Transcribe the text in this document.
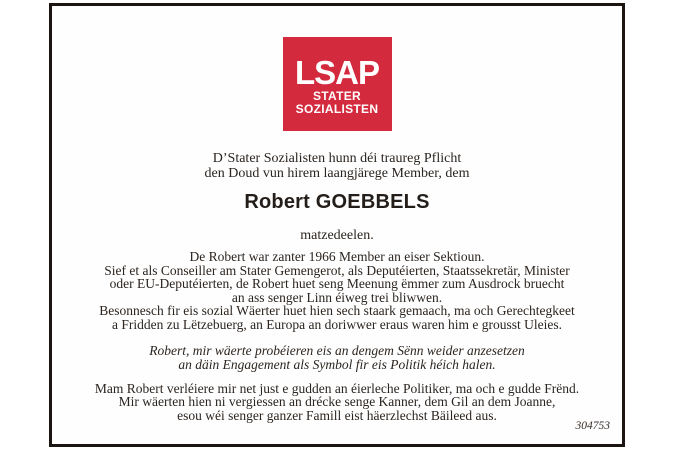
LSAP
STATER
SOZIALISTEN
D’Stater Sozialisten hunn déi traureg Pflicht
den Doud vun hirem laangjärege Member, dem
Robert GOEBBELS
matzedeelen.
De Robert war zanter 1966 Member an eiser Sektioun.
Sief et als Conseiller am Stater Gemengerot, als Deputéierten, Staatssekretär, Minister
oder EU-Deputéierten, de Robert huet seng Meenung ëmmer zum Ausdrock bruecht
an ass senger Linn éiweg trei bliwwen.
Besonnesch fir eis sozial Wäerter huet hien sech staark gemaach, ma och Gerechtegkeet
a Fridden zu Lëtzebuerg, an Europa an doriwwer eraus waren him e grousst Uleies.
Robert, mir wäerte probéieren eis an dengem Sënn weider anzesetzen
an däin Engagement als Symbol fir eis Politik héich halen.
Mam Robert verléiere mir net just e gudden an éierleche Politiker, ma och e gudde Frënd.
Mir wäerten hien ni vergiessen an drécke senge Kanner, dem Gil an dem Joanne,
esou wéi senger ganzer Famill eist häerzlechst Bäileed aus.
304753
